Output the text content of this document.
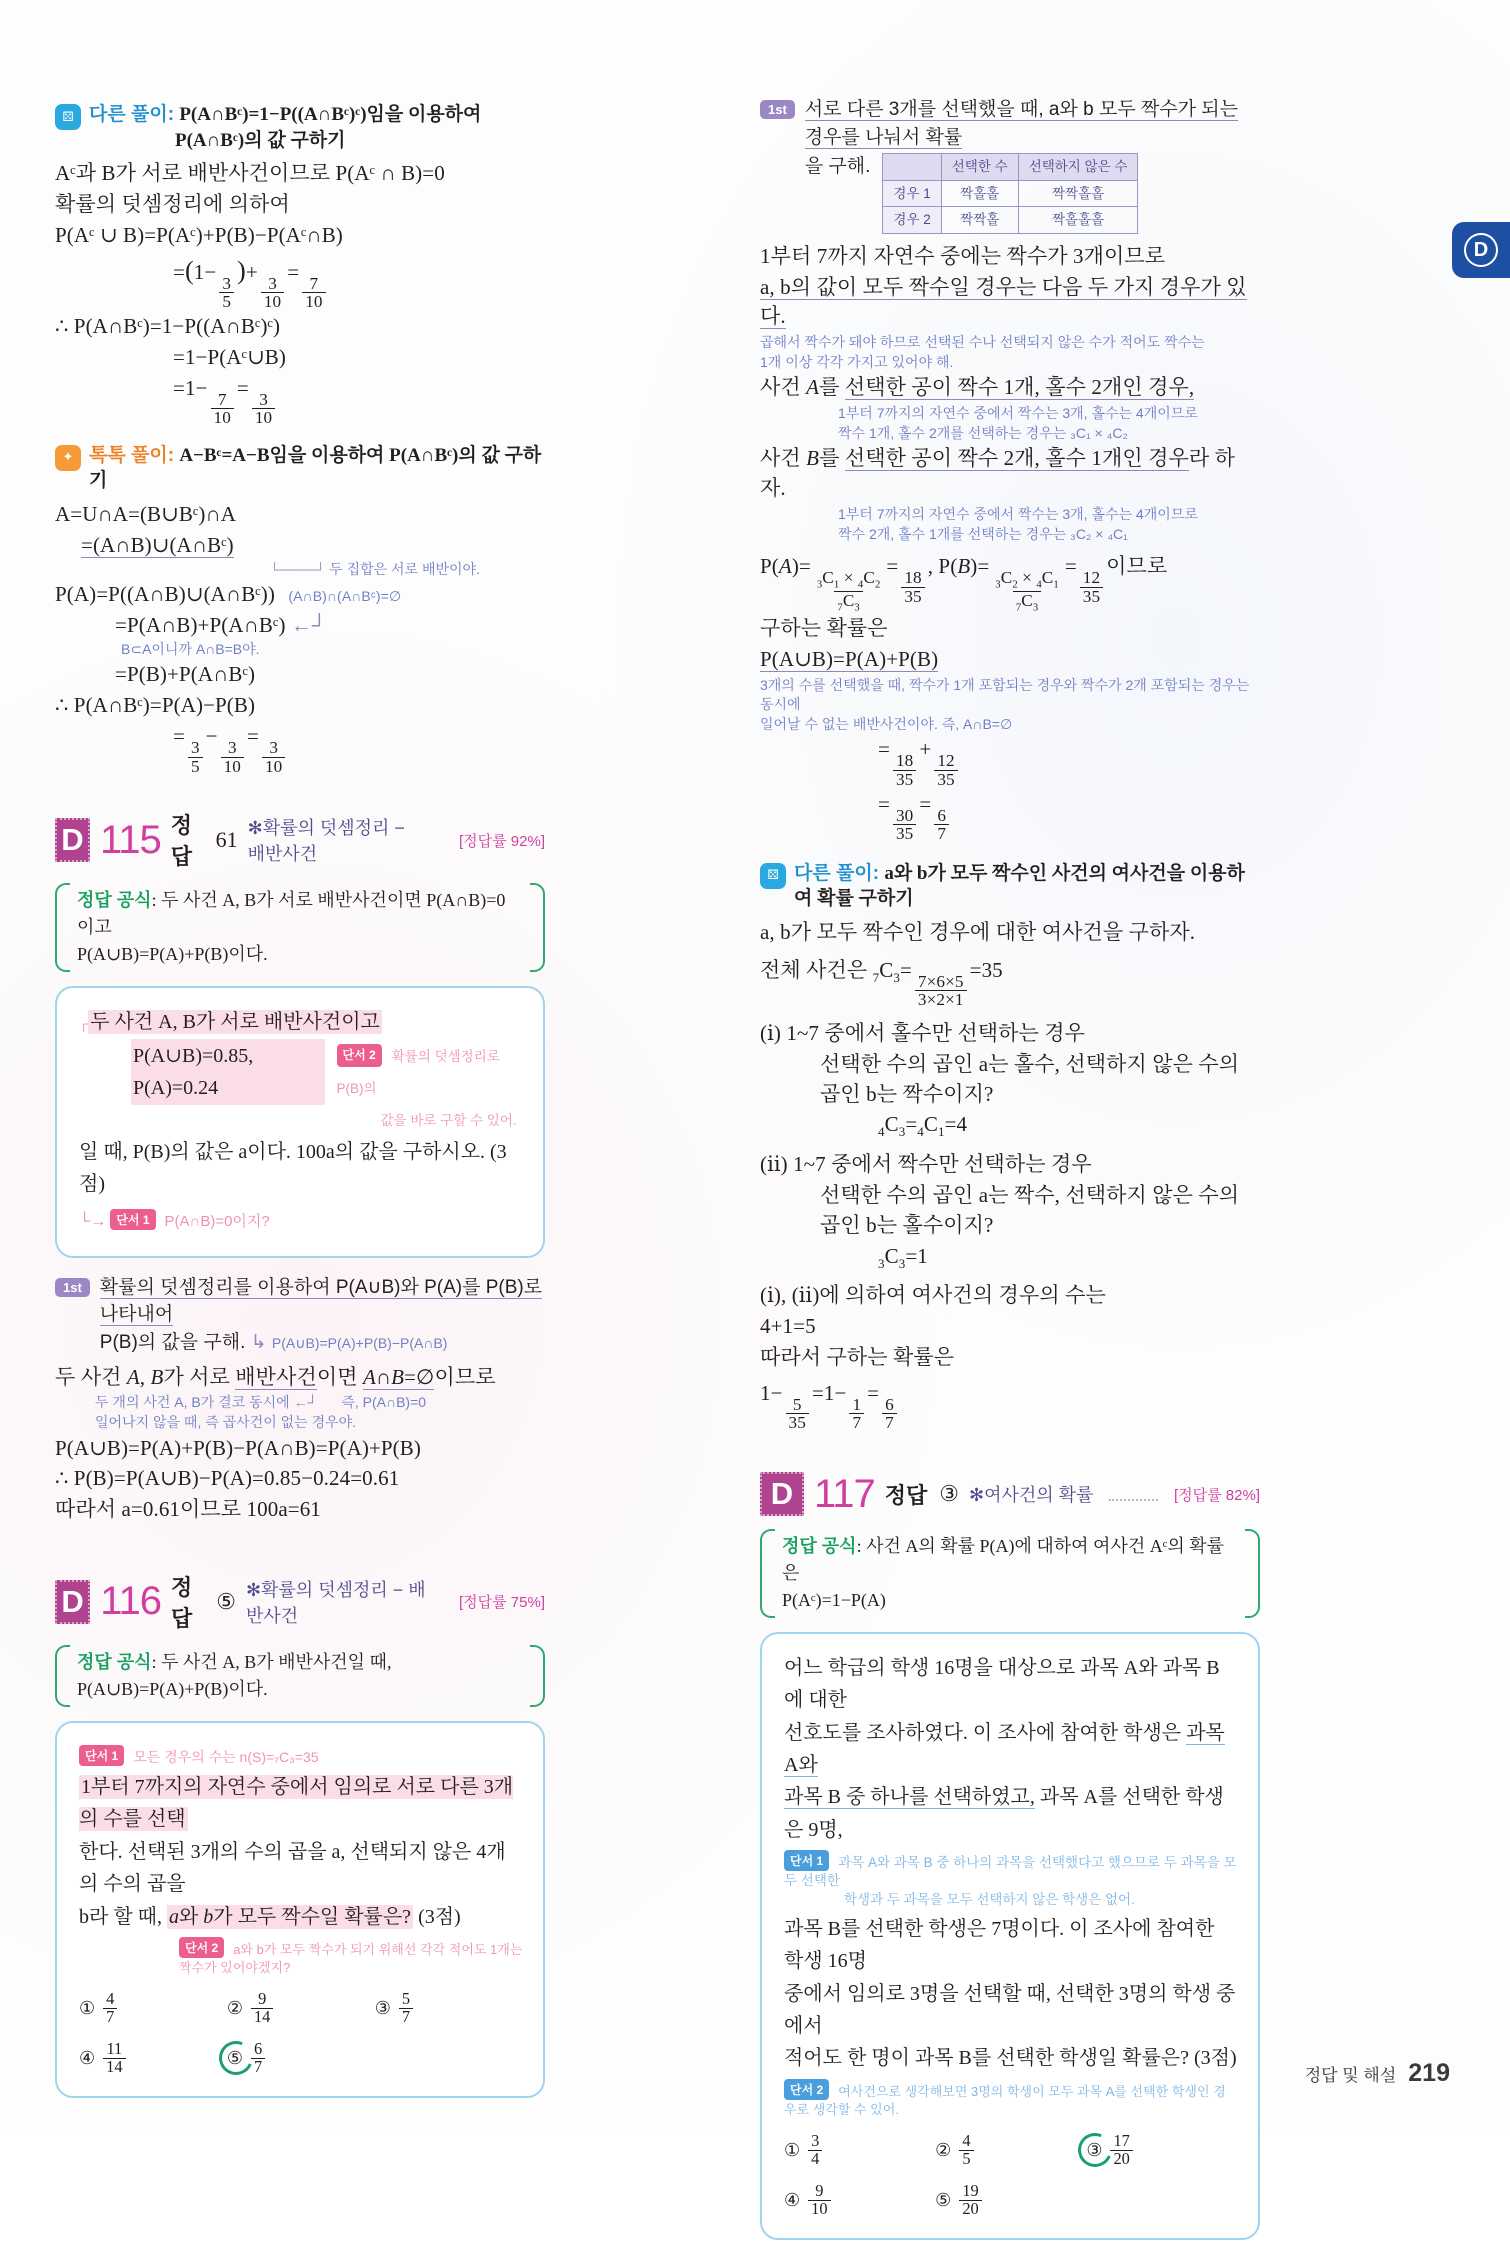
D
⚄ 다른 풀이: P(A∩Bᶜ)=1−P((A∩Bᶜ)ᶜ)임을 이용하여
P(A∩Bᶜ)의 값 구하기
Aᶜ과 B가 서로 배반사건이므로 P(Aᶜ ∩ B)=0
확률의 덧셈정리에 의하여
P(Aᶜ ∪ B)=P(Aᶜ)+P(B)−P(Aᶜ∩B)
=(1−
$\frac{3}{5}$
)+
$\frac{3}{10}$
=
$\frac{7}{10}$
∴ P(A∩Bᶜ)=1−P((A∩Bᶜ)ᶜ)
=1−P(Aᶜ∪B)
=1−
$\frac{7}{10}$
=
$\frac{3}{10}$
✦ 톡톡 풀이: A−Bᶜ=A−B임을 이용하여 P(A∩Bᶜ)의 값 구하기
A=U∩A=(B∪Bᶜ)∩A
=(A∩B)∪(A∩Bᶜ)
└────┘ 두 집합은 서로 배반이야.
P(A)=P((A∩B)∪(A∩Bᶜ)) (A∩B)∩(A∩Bᶜ)=∅
=P(A∩B)+P(A∩Bᶜ) ←┘
B⊂A이니까 A∩B=B야.
=P(B)+P(A∩Bᶜ)
∴ P(A∩Bᶜ)=P(A)−P(B)
=
$\frac{3}{5}$
−
$\frac{3}{10}$
=
$\frac{3}{10}$
D 115 정답
61 ✻확률의 덧셈정리 − 배반사건
[정답률 92%]
정답 공식: 두 사건 A, B가 서로 배반사건이면 P(A∩B)=0이고
P(A∪B)=P(A)+P(B)이다.
┌ 두 사건 A, B가 서로 배반사건이고
P(A∪B)=0.85, P(A)=0.24
단서 2 확률의 덧셈정리로 P(B)의
값을 바로 구할 수 있어.
일 때, P(B)의 값은 a이다. 100a의 값을 구하시오. (3점)
└→ 단서 1 P(A∩B)=0이지?
1st 확률의 덧셈정리를 이용하여 P(A∪B)와 P(A)를 P(B)로 나타내어
P(B)의 값을 구해. ↳ P(A∪B)=P(A)+P(B)−P(A∩B)
두 사건 A, B가 서로 배반사건이면 A∩B=∅이므로
두 개의 사건 A, B가 결코 동시에 ←┘ 즉, P(A∩B)=0
일어나지 않을 때, 즉 곱사건이 없는 경우야.
P(A∪B)=P(A)+P(B)−P(A∩B)=P(A)+P(B)
∴ P(B)=P(A∪B)−P(A)=0.85−0.24=0.61
따라서 a=0.61이므로 100a=61
D 116 정답
⑤ ✻확률의 덧셈정리 − 배반사건
[정답률 75%]
정답 공식: 두 사건 A, B가 배반사건일 때, P(A∪B)=P(A)+P(B)이다.
단서 1 모든 경우의 수는 n(S)=₇C₃=35
1부터 7까지의 자연수 중에서 임의로 서로 다른 3개의 수를 선택
한다. 선택된 3개의 수의 곱을 a, 선택되지 않은 4개의 수의 곱을
b라 할 때, a와 b가 모두 짝수일 확률은? (3점)
단서 2 a와 b가 모두 짝수가 되기 위해선 각각 적어도 1개는 짝수가 있어야겠지?
① $\frac{4}{7}$	② $\frac{9}{14}$	③ $\frac{5}{7}$
④ $\frac{11}{14}$	⑤ $\frac{6}{7}$
1st 서로 다른 3개를 선택했을 때, a와 b 모두 짝수가 되는 경우를 나눠서 확률
을 구해.
		선택한 수	선택하지 않은 수
경우 1	짝홀홀	짝짝홀홀
경우 2	짝짝홀	짝홀홀홀
1부터 7까지 자연수 중에는 짝수가 3개이므로
a, b의 값이 모두 짝수일 경우는 다음 두 가지 경우가 있다.
곱해서 짝수가 돼야 하므로 선택된 수나 선택되지 않은 수가 적어도 짝수는
1개 이상 각각 가지고 있어야 해.
사건 A를 선택한 공이 짝수 1개, 홀수 2개인 경우,
1부터 7까지의 자연수 중에서 짝수는 3개, 홀수는 4개이므로
짝수 1개, 홀수 2개를 선택하는 경우는 ₃C₁ × ₄C₂
사건 B를 선택한 공이 짝수 2개, 홀수 1개인 경우라 하자.
1부터 7까지의 자연수 중에서 짝수는 3개, 홀수는 4개이므로
짝수 2개, 홀수 1개를 선택하는 경우는 ₃C₂ × ₄C₁
P(A)=
$\frac{_3C_1 \times _4C_2}{_7C_3}$
=
$\frac{18}{35}$
, P(B)=
$\frac{_3C_2 \times _4C_1}{_7C_3}$
=
$\frac{12}{35}$
이므로
구하는 확률은
P(A∪B)=P(A)+P(B)
3개의 수를 선택했을 때, 짝수가 1개 포함되는 경우와 짝수가 2개 포함되는 경우는 동시에
일어날 수 없는 배반사건이야. 즉, A∩B=∅
=
$\frac{18}{35}$
+
$\frac{12}{35}$
=
$\frac{30}{35}$
=
$\frac{6}{7}$
⚄ 다른 풀이: a와 b가 모두 짝수인 사건의 여사건을 이용하여 확률 구하기
a, b가 모두 짝수인 경우에 대한 여사건을 구하자.
전체 사건은 $_7C_3=$
$\frac{7\times 6\times 5}{3\times 2\times 1}$
=35
(ⅰ) 1~7 중에서 홀수만 선택하는 경우
선택한 수의 곱인 a는 홀수, 선택하지 않은 수의 곱인 b는 짝수이지?
$_4C_3=_4C_1=4$
(ⅱ) 1~7 중에서 짝수만 선택하는 경우
선택한 수의 곱인 a는 짝수, 선택하지 않은 수의 곱인 b는 홀수이지?
$_3C_3=1$
(ⅰ), (ⅱ)에 의하여 여사건의 경우의 수는
4+1=5
따라서 구하는 확률은
1−
$\frac{5}{35}$
=1−
$\frac{1}{7}$
=
$\frac{6}{7}$
D 117 정답 ③ ✻여사건의 확률	[정답률 82%]
정답 공식: 사건 A의 확률 P(A)에 대하여 여사건 Aᶜ의 확률은
P(Aᶜ)=1−P(A)
어느 학급의 학생 16명을 대상으로 과목 A와 과목 B에 대한
선호도를 조사하였다. 이 조사에 참여한 학생은 과목 A와
과목 B 중 하나를 선택하였고, 과목 A를 선택한 학생은 9명,
단서 1 과목 A와 과목 B 중 하나의 과목을 선택했다고 했으므로 두 과목을 모두 선택한
학생과 두 과목을 모두 선택하지 않은 학생은 없어.
과목 B를 선택한 학생은 7명이다. 이 조사에 참여한 학생 16명
중에서 임의로 3명을 선택할 때, 선택한 3명의 학생 중에서
적어도 한 명이 과목 B를 선택한 학생일 확률은? (3점)
단서 2 여사건으로 생각해보면 3명의 학생이 모두 과목 A를 선택한 학생인 경우로 생각할 수 있어.
① $\frac{3}{4}$	② $\frac{4}{5}$	③ $\frac{17}{20}$
④ $\frac{9}{10}$	⑤ $\frac{19}{20}$
정답 및 해설 219
